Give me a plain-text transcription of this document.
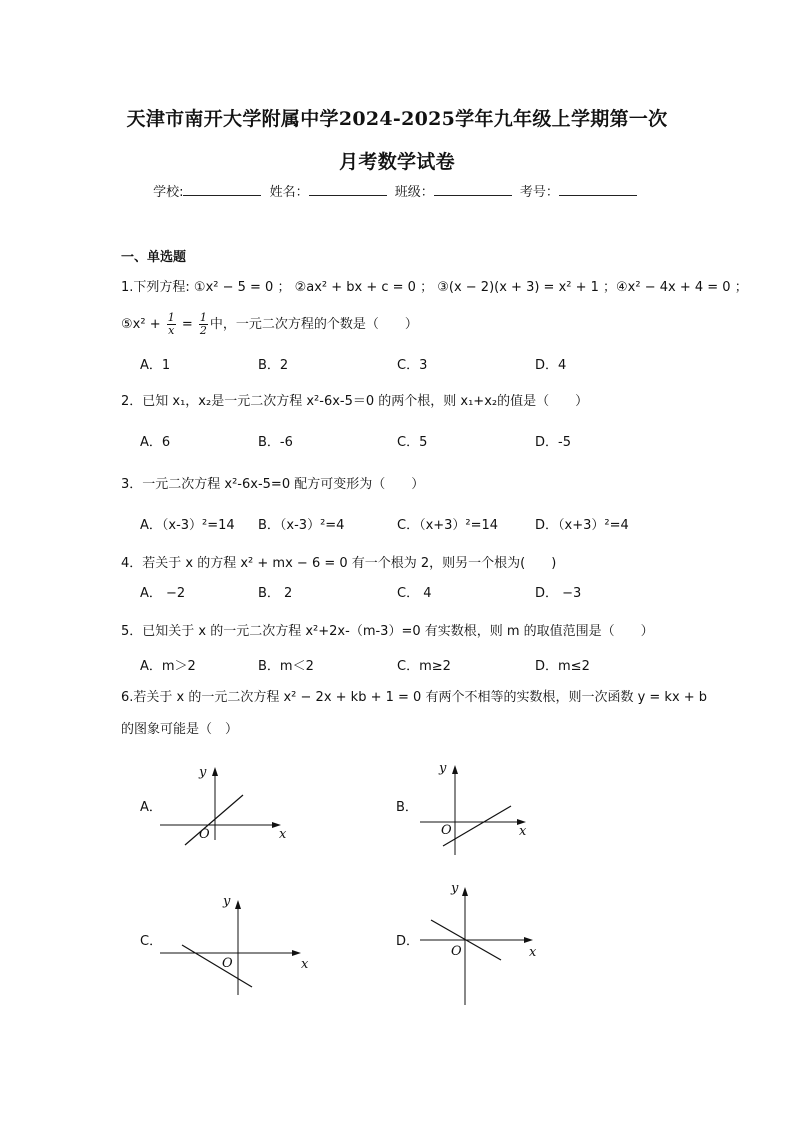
天津市南开大学附属中学2024-2025学年九年级上学期第一次
月考数学试卷
学校:	姓名：	班级：	考号：
一、单选题
1.下列方程: ①x² − 5 = 0 ； ②ax² + bx + c = 0 ； ③(x − 2)(x + 3) = x² + 1 ；④x² − 4x + 4 = 0 ；
⑤x² + $\frac{1}{x} = \frac{1}{2}$ 中，一元二次方程的个数是（　　）
A．1	B．2	C．3	D．4
2．已知 x₁，x₂是一元二次方程 x²-6x-5＝0 的两个根，则 x₁+x₂的值是（　　）
A．6	B．-6	C．5	D．-5
3．一元二次方程 x²-6x-5=0 配方可变形为（　　）
A．（x-3）²=14 B．（x-3）²=4	C．（x+3）²=14	D．（x+3）²=4
4．若关于 x 的方程 x² + mx − 6 = 0 有一个根为 2，则另一个根为(　　)
A． −2	B． 2	C． 4	D． −3
5．已知关于 x 的一元二次方程 x²+2x-（m-3）=0 有实数根，则 m 的取值范围是（　　）
A．m＞2	B．m＜2	C．m≥2	D．m≤2
6.若关于 x 的一元二次方程 x² − 2x + kb + 1 = 0 有两个不相等的实数根，则一次函数 y = kx + b
的图象可能是（　）
A．
O	x
y
B．
O	x
y
C．
O	x
y
D．
O	x
y
